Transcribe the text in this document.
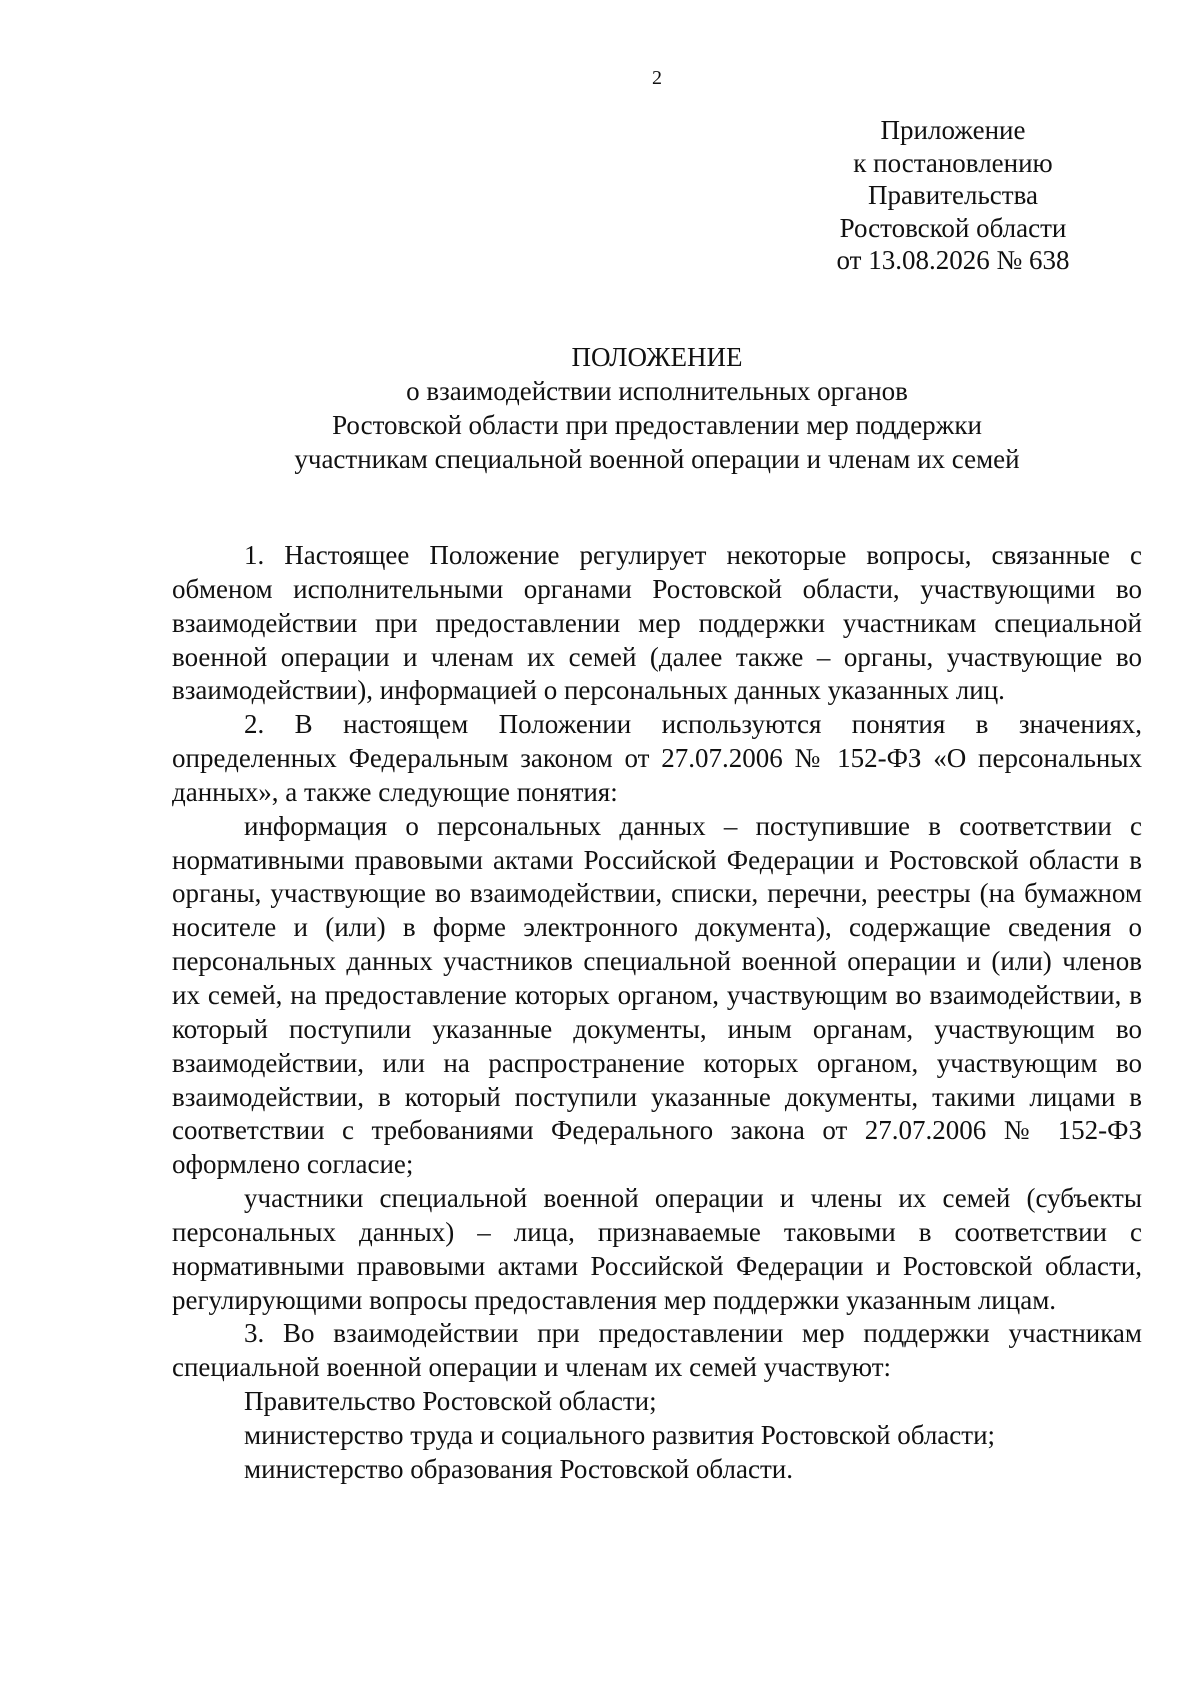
2
Приложение
к постановлению
Правительства
Ростовской области
от 13.08.2026 № 638
ПОЛОЖЕНИЕ
о взаимодействии исполнительных органов
Ростовской области при предоставлении мер поддержки
участникам специальной военной операции и членам их семей

1. Настоящее Положение регулирует некоторые вопросы, связанные с обменом исполнительными органами Ростовской области, участвующими во взаимодействии при предоставлении мер поддержки участникам специальной военной операции и членам их семей (далее также – органы, участвующие во взаимодействии), информацией о персональных данных указанных лиц.

2. В настоящем Положении используются понятия в значениях, определенных Федеральным законом от 27.07.2006 № 152-ФЗ «О персональных данных», а также следующие понятия:

информация о персональных данных – поступившие в соответствии с нормативными правовыми актами Российской Федерации и Ростовской области в органы, участвующие во взаимодействии, списки, перечни, реестры (на бумажном носителе и (или) в форме электронного документа), содержащие сведения о персональных данных участников специальной военной операции и (или) членов их семей, на предоставление которых органом, участвующим во взаимодействии, в который поступили указанные документы, иным органам, участвующим во взаимодействии, или на распространение которых органом, участвующим во взаимодействии, в который поступили указанные документы, такими лицами в соответствии с требованиями Федерального закона от 27.07.2006 № 152-ФЗ оформлено согласие;

участники специальной военной операции и члены их семей (субъекты персональных данных) – лица, признаваемые таковыми в соответствии с нормативными правовыми актами Российской Федерации и Ростовской области, регулирующими вопросы предоставления мер поддержки указанным лицам.

3. Во взаимодействии при предоставлении мер поддержки участникам специальной военной операции и членам их семей участвуют:

Правительство Ростовской области;

министерство труда и социального развития Ростовской области;

министерство образования Ростовской области.
